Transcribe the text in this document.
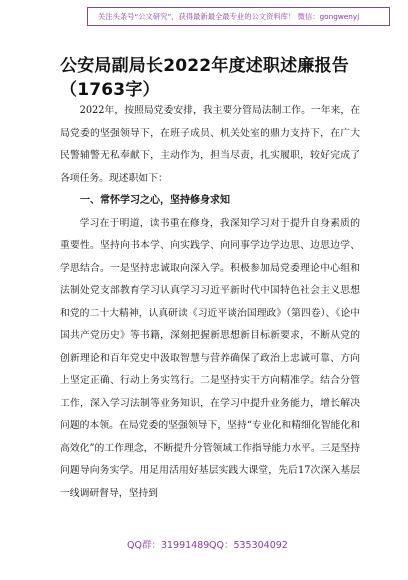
关注头条号“公文研究”，获得最新最全最专业的公文资料库！ 微信：gongwenyj
公安局副局长2022年度述职述廉报告
（1763字）

2022年，按照局党委安排，我主要分管局法制工作。一年来，在局党委的坚强领导下，在班子成员、机关处室的鼎力支持下，在广大民警辅警无私奉献下，主动作为，担当尽责，扎实履职，较好完成了各项任务。现述职如下：

一、常怀学习之心，坚持修身求知

学习在于明道，读书重在修身，我深知学习对于提升自身素质的重要性。坚持向书本学、向实践学、向同事学边学边思、边思边学、学思结合。一是坚持忠诚取向深入学。积极参加局党委理论中心组和法制处党支部教育学习认真学习习近平新时代中国特色社会主义思想和党的二十大精神，认真研读《习近平谈治国理政》（第四卷）、《论中国共产党历史》等书籍，深刻把握新思想新目标新要求，不断从党的创新理论和百年党史中汲取智慧与营养确保了政治上忠诚可靠、方向上坚定正确、行动上务实笃行。二是坚持实干方向精准学。结合分管工作，深入学习法制等业务知识，在学习中提升业务能力，增长解决问题的本领。在局党委的坚强领导下，坚持“专业化和精细化智能化和高效化”的工作理念，不断提升分管领域工作指导能力水平。三是坚持问题导向务实学。用足用活用好基层实践大课堂，先后17次深入基层一线调研督导，坚持到

QQ群：31991489 QQ：535304092
